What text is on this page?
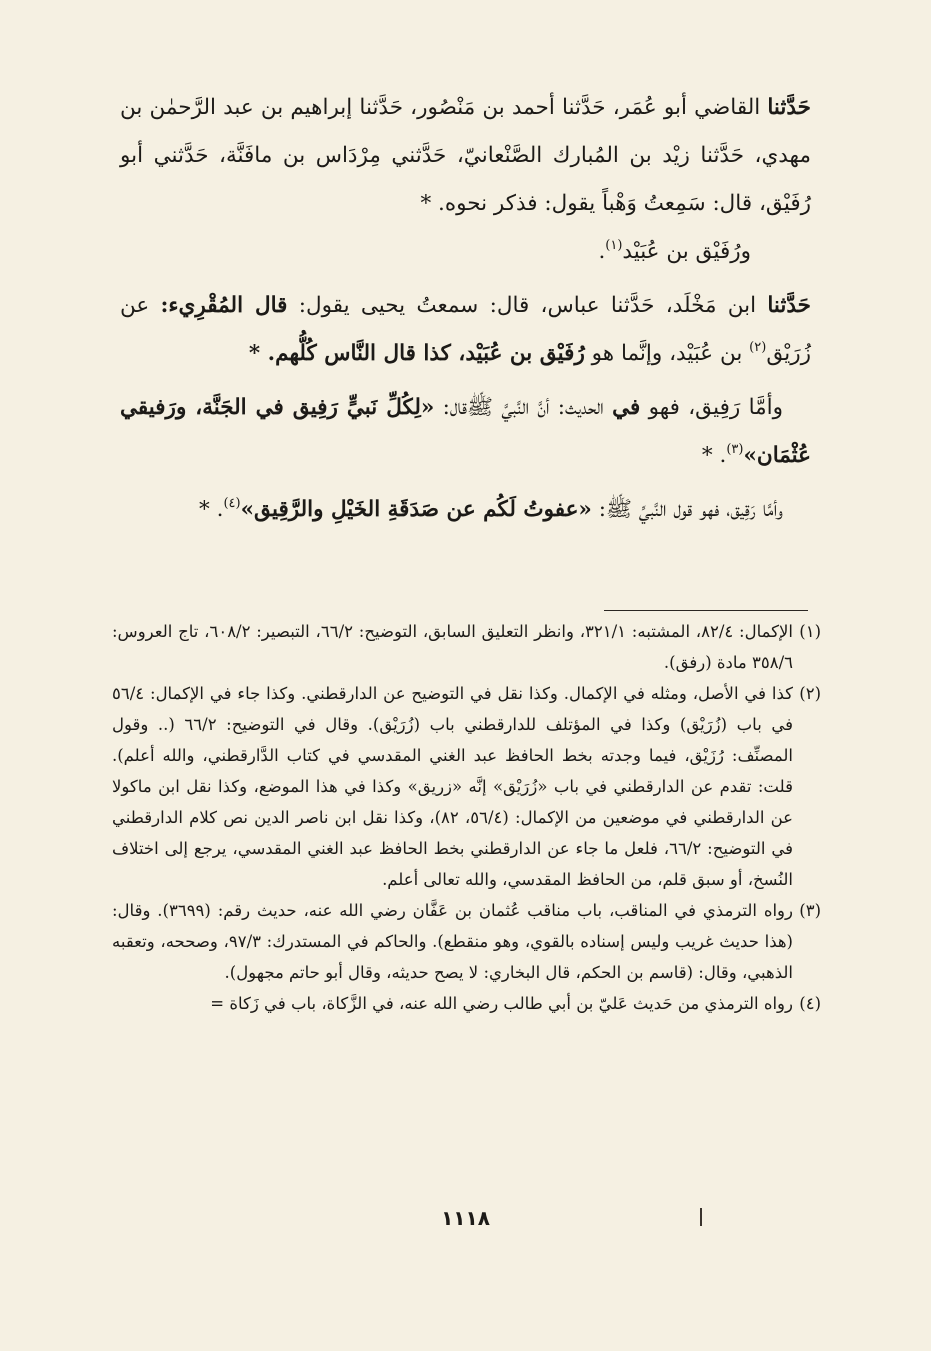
حَدَّثنا القاضي أبو عُمَر، حَدَّثنا أحمد بن مَنْصُور، حَدَّثنا إبراهيم بن عبد الرَّحمٰن بن مهدي، حَدَّثنا زيْد بن المُبارك الصَّنْعانيّ، حَدَّثني مِرْدَاس بن مافَنَّة، حَدَّثني أبو رُفَيْق، قال: سَمِعتُ وَهْباً يقول: فذكر نحوه. *

ورُفَيْق بن عُبَيْد$^{(١)}$.

حَدَّثنا ابن مَخْلَد، حَدَّثنا عباس، قال: سمعتُ يحيى يقول: قال المُقْرِيء: عن زُرَيْق$^{(٢)}$ بن عُبَيْد، وإنَّما هو رُفَيْق بن عُبَيْد، كذا قال النَّاس كُلُّهم. *

وأمَّا رَفِيق، فهو في الحديث: أنَّ النَّبيَّ ﷺقال: «لِكُلِّ نَبيٍّ رَفِيق في الجَنَّة، ورَفيقي عُثْمَان»$^{(٣)}$. *

وأمَّا رَقِيق، فهو قول النَّبيِّ ﷺ: «عفوتُ لَكُم عن صَدَقَةِ الخَيْلِ والرَّقِيق»$^{(٤)}$. *

(١)

الإكمال: ٨٢/٤، المشتبه: ٣٢١/١، وانظر التعليق السابق، التوضيح: ٦٦/٢، التبصير: ٦٠٨/٢، تاج العروس: ٣٥٨/٦ مادة (رفق).

(٢)

كذا في الأصل، ومثله في الإكمال. وكذا نقل في التوضيح عن الدارقطني. وكذا جاء في الإكمال: ٥٦/٤ في باب (زُرَيْق) وكذا في المؤتلف للدارقطني باب (زُرَيْق). وقال في التوضيح: ٦٦/٢ (.. وقول المصنِّف: رُزَيْق، فيما وجدته بخط الحافظ عبد الغني المقدسي في كتاب الدَّارقطني، والله أعلم). قلت: تقدم عن الدارقطني في باب «زُرَيْق» إنَّه «زريق» وكذا في هذا الموضع، وكذا نقل ابن ماكولا عن الدارقطني في موضعين من الإكمال: (٥٦/٤، ٨٢)، وكذا نقل ابن ناصر الدين نص كلام الدارقطني في التوضيح: ٦٦/٢، فلعل ما جاء عن الدارقطني بخط الحافظ عبد الغني المقدسي، يرجع إلى اختلاف النُسخ، أو سبق قلم، من الحافظ المقدسي، والله تعالى أعلم.

(٣)

رواه الترمذي في المناقب، باب مناقب عُثمان بن عَفَّان رضي الله عنه، حديث رقم: (٣٦٩٩). وقال: (هذا حديث غريب وليس إسناده بالقوي، وهو منقطع). والحاكم في المستدرك: ٩٧/٣، وصححه، وتعقبه الذهبي، وقال: (قاسم بن الحكم، قال البخاري: لا يصح حديثه، وقال أبو حاتم مجهول).

(٤)

رواه الترمذي من حَديث عَليّ بن أبي طالب رضي الله عنه، في الزَّكاة، باب في زَكاة =

١١١٨
